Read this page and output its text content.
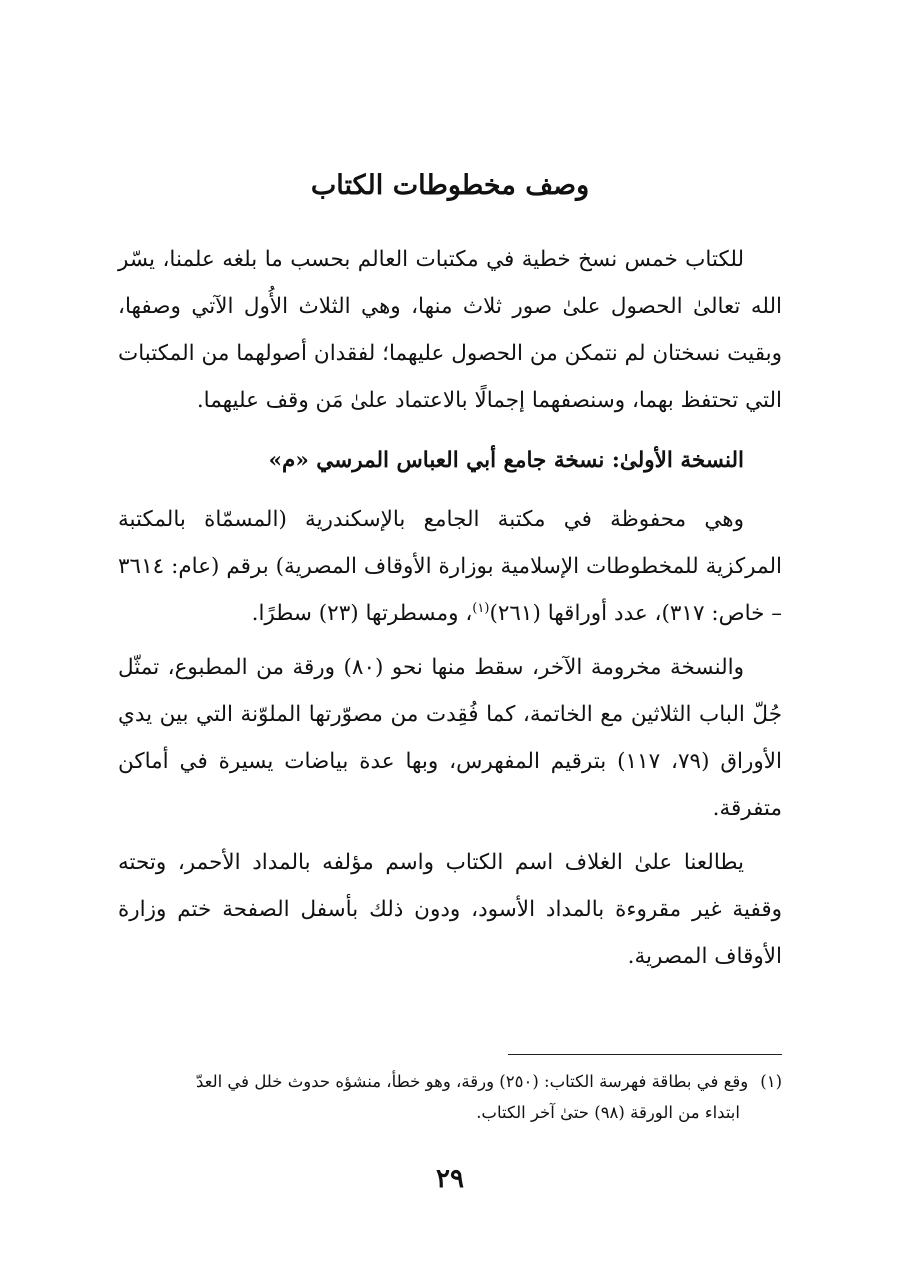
وصف مخطوطات الكتاب

للكتاب خمس نسخ خطية في مكتبات العالم بحسب ما بلغه علمنا، يسّر الله تعالىٰ الحصول علىٰ صور ثلاث منها، وهي الثلاث الأُول الآتي وصفها، وبقيت نسختان لم نتمكن من الحصول عليهما؛ لفقدان أصولهما من المكتبات التي تحتفظ بهما، وسنصفهما إجمالًا بالاعتماد علىٰ مَن وقف عليهما.

النسخة الأولىٰ: نسخة جامع أبي العباس المرسي «م»

وهي محفوظة في مكتبة الجامع بالإسكندرية (المسمّاة بالمكتبة المركزية للمخطوطات الإسلامية بوزارة الأوقاف المصرية) برقم (عام: ٣٦١٤ – خاص: ٣١٧)، عدد أوراقها (٢٦١)$^{(١)}$، ومسطرتها (٢٣) سطرًا.

والنسخة مخرومة الآخر، سقط منها نحو (٨٠) ورقة من المطبوع، تمثّل جُلّ الباب الثلاثين مع الخاتمة، كما فُقِدت من مصوّرتها الملوّنة التي بين يدي الأوراق (٧٩، ١١٧) بترقيم المفهرس، وبها عدة بياضات يسيرة في أماكن متفرقة.

يطالعنا علىٰ الغلاف اسم الكتاب واسم مؤلفه بالمداد الأحمر، وتحته وقفية غير مقروءة بالمداد الأسود، ودون ذلك بأسفل الصفحة ختم وزارة الأوقاف المصرية.

(١)وقع في بطاقة فهرسة الكتاب: (٢٥٠) ورقة، وهو خطأ، منشؤه حدوث خلل في العدّ
ابتداء من الورقة (٩٨) حتىٰ آخر الكتاب.
٢٩
